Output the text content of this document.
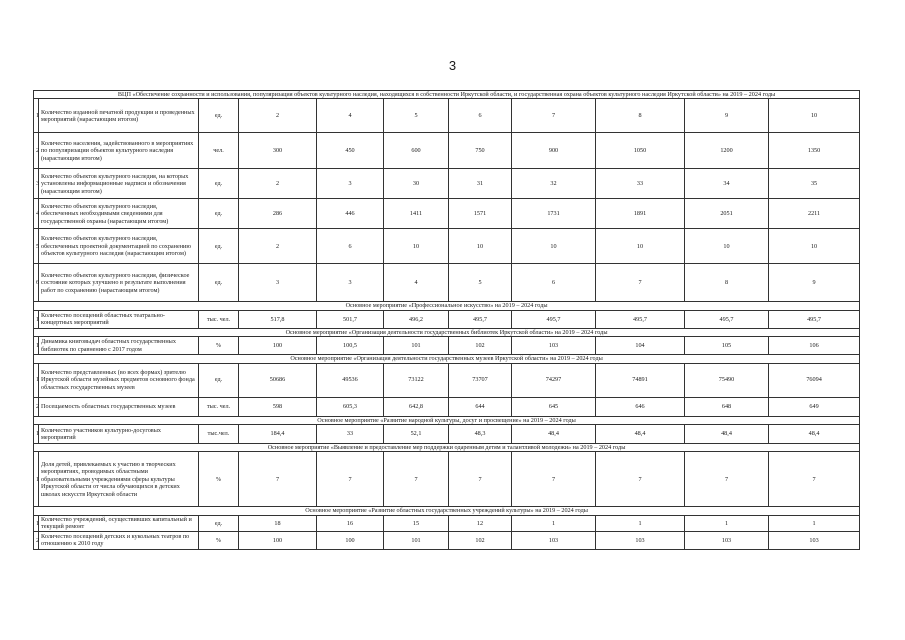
3
ВЦП «Обеспечение сохранности и использования, популяризация объектов культурного наследия, находящихся в собственности Иркутской области, и государственная охрана объектов культурного наследия Иркутской области» на 2019 – 2024 годы										
1	Количество изданной печатной продукции и проведенных мероприятий (нарастающим итогом)	ед.	2	4	5	6	7	8	9	10
2	Количество населения, задействованного в мероприятиях по популяризации объектов культурного наследия (нарастающим итогом)	чел.	300	450	600	750	900	1050	1200	1350
3	Количество объектов культурного наследия, на которых установлены информационные надписи и обозначения (нарастающим итогом)	ед.	2	3	30	31	32	33	34	35
4	Количество объектов культурного наследия, обеспеченных необходимыми сведениями для государственной охраны (нарастающим итогом)	ед.	286	446	1411	1571	1731	1891	2051	2211
5	Количество объектов культурного наследия, обеспеченных проектной документацией по сохранению объектов культурного наследия (нарастающим итогом)	ед.	2	6	10	10	10	10	10	10
6	Количество объектов культурного наследия, физическое состояние которых улучшено в результате выполнения работ по сохранению (нарастающим итогом)	ед.	3	3	4	5	6	7	8	9
Основное мероприятие «Профессиональное искусство» на 2019 – 2024 годы										
1	Количество посещений областных театрально-концертных мероприятий	тыс. чел.	517,8	501,7	496,2	495,7	495,7	495,7	495,7	495,7
Основное мероприятие «Организация деятельности государственных библиотек Иркутской области» на 2019 – 2024 годы										
1	Динамика книговыдач областных государственных библиотек по сравнению с 2017 годом	%	100	100,5	101	102	103	104	105	106
Основное мероприятие «Организация деятельности государственных музеев Иркутской области» на 2019 – 2024 годы										
1	Количество представленных (во всех формах) зрителю Иркутской области музейных предметов основного фонда областных государственных музеев	ед.	50686	49536	73122	73707	74297	74891	75490	76094
2	Посещаемость областных государственных музеев	тыс. чел.	598	605,3	642,8	644	645	646	648	649
Основное мероприятие «Развитие народной культуры, досуг и просвещение» на 2019 – 2024 годы										
1	Количество участников культурно-досуговых мероприятий	тыс.чел.	184,4	33	52,1	48,3	48,4	48,4	48,4	48,4
Основное мероприятие «Выявление и предоставление мер поддержки одаренным детям и талантливой молодежи» на 2019 – 2024 годы										
1	Доля детей, привлекаемых к участию в творческих мероприятиях, проводимых областными образовательными учреждениями сферы культуры Иркутской области от числа обучающихся в детских школах искусств Иркутской области	%	7	7	7	7	7	7	7	7
Основное мероприятие «Развитие областных государственных учреждений культуры» на 2019 – 2024 годы										
1	Количество учреждений, осуществивших капитальный и текущий ремонт	ед.	18	16	15	12	1	1	1	1
2	Количество посещений детских и кукольных театров по отношению к 2010 году	%	100	100	101	102	103	103	103	103
